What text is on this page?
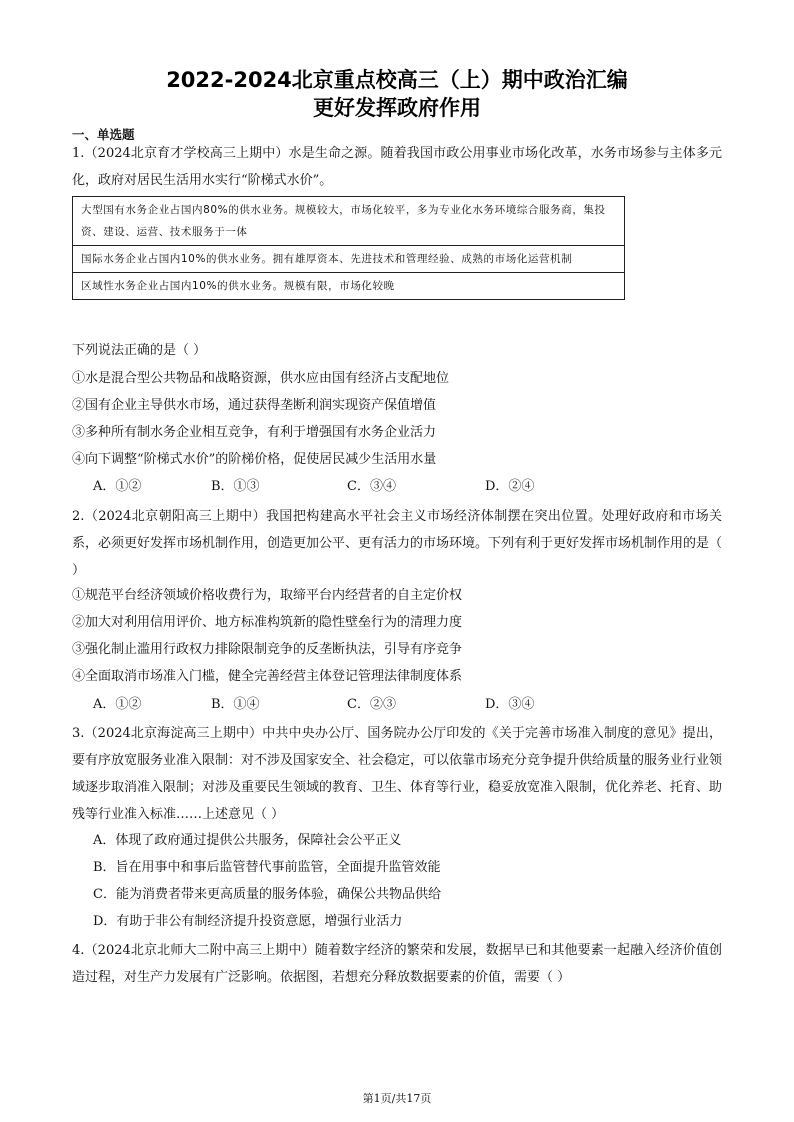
2022-2024北京重点校高三（上）期中政治汇编
更好发挥政府作用
一、单选题
1.（2024北京育才学校高三上期中）水是生命之源。随着我国市政公用事业市场化改革，水务市场参与主体多元化，政府对居民生活用水实行“阶梯式水价”。
大型国有水务企业占国内80%的供水业务。规模较大，市场化较平，多为专业化水务环境综合服务商，集投资、建设、运营、技术服务于一体
国际水务企业占国内10%的供水业务。拥有雄厚资本、先进技术和管理经验、成熟的市场化运营机制
区域性水务企业占国内10%的供水业务。规模有限，市场化较晚
下列说法正确的是（ ）
①水是混合型公共物品和战略资源，供水应由国有经济占支配地位
②国有企业主导供水市场，通过获得垄断利润实现资产保值增值
③多种所有制水务企业相互竞争，有利于增强国有水务企业活力
④向下调整“阶梯式水价”的阶梯价格，促使居民减少生活用水量
A．①②	B．①③	C．③④	D．②④
2.（2024北京朝阳高三上期中）我国把构建高水平社会主义市场经济体制摆在突出位置。处理好政府和市场关系，必须更好发挥市场机制作用，创造更加公平、更有活力的市场环境。下列有利于更好发挥市场机制作用的是（ ）
①规范平台经济领域价格收费行为，取缔平台内经营者的自主定价权
②加大对利用信用评价、地方标准构筑新的隐性壁垒行为的清理力度
③强化制止滥用行政权力排除限制竞争的反垄断执法，引导有序竞争
④全面取消市场准入门槛，健全完善经营主体登记管理法律制度体系
A．①②	B．①④	C．②③	D．③④
3.（2024北京海淀高三上期中）中共中央办公厅、国务院办公厅印发的《关于完善市场准入制度的意见》提出，要有序放宽服务业准入限制：对不涉及国家安全、社会稳定，可以依靠市场充分竞争提升供给质量的服务业行业领域逐步取消准入限制；对涉及重要民生领域的教育、卫生、体育等行业，稳妥放宽准入限制，优化养老、托育、助残等行业准入标准……上述意见（ ）
A．体现了政府通过提供公共服务，保障社会公平正义
B．旨在用事中和事后监管替代事前监管，全面提升监管效能
C．能为消费者带来更高质量的服务体验，确保公共物品供给
D．有助于非公有制经济提升投资意愿，增强行业活力
4.（2024北京北师大二附中高三上期中）随着数字经济的繁荣和发展，数据早已和其他要素一起融入经济价值创造过程，对生产力发展有广泛影响。依据图，若想充分释放数据要素的价值，需要（ ）
第1页/共17页
